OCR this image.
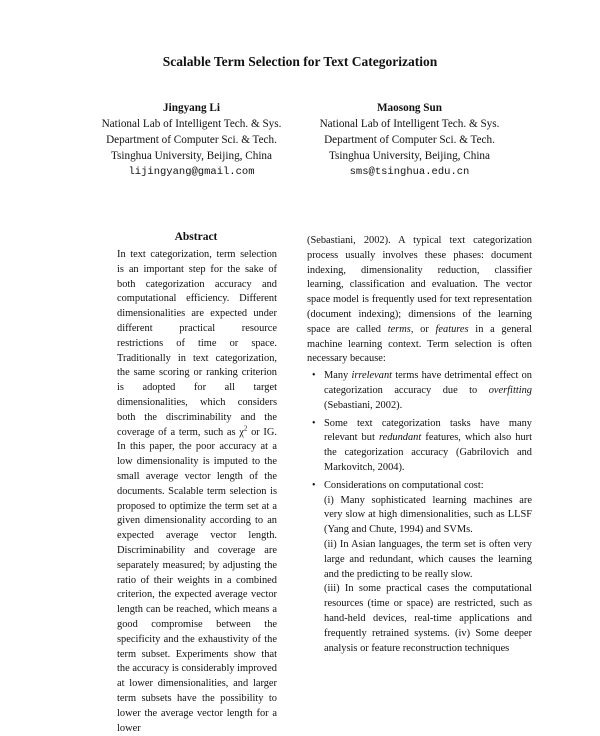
Scalable Term Selection for Text Categorization
Jingyang Li
National Lab of Intelligent Tech. & Sys.
Department of Computer Sci. & Tech.
Tsinghua University, Beijing, China
lijingyang@gmail.com
Maosong Sun
National Lab of Intelligent Tech. & Sys.
Department of Computer Sci. & Tech.
Tsinghua University, Beijing, China
sms@tsinghua.edu.cn
Abstract
In text categorization, term selection is an important step for the sake of both categorization accuracy and computational efficiency. Different dimensionalities are expected under different practical resource restrictions of time or space. Traditionally in text categorization, the same scoring or ranking criterion is adopted for all target dimensionalities, which considers both the discriminability and the coverage of a term, such as $\chi^2$ or IG. In this paper, the poor accuracy at a low dimensionality is imputed to the small average vector length of the documents. Scalable term selection is proposed to optimize the term set at a given dimensionality according to an expected average vector length. Discriminability and coverage are separately measured; by adjusting the ratio of their weights in a combined criterion, the expected average vector length can be reached, which means a good compromise between the specificity and the exhaustivity of the term subset. Experiments show that the accuracy is considerably improved at lower dimensionalities, and larger term subsets have the possibility to lower the average vector length for a lower

(Sebastiani, 2002). A typical text categorization process usually involves these phases: document indexing, dimensionality reduction, classifier learning, classification and evaluation. The vector space model is frequently used for text representation (document indexing); dimensions of the learning space are called terms, or features in a general machine learning context. Term selection is often necessary because:

• Many irrelevant terms have detrimental effect on categorization accuracy due to overfitting (Sebastiani, 2002).
• Some text categorization tasks have many relevant but redundant features, which also hurt the categorization accuracy (Gabrilovich and Markovitch, 2004).
• Considerations on computational cost:
(i) Many sophisticated learning machines are very slow at high dimensionalities, such as LLSF (Yang and Chute, 1994) and SVMs.
(ii) In Asian languages, the term set is often very large and redundant, which causes the learning and the predicting to be really slow.
(iii) In some practical cases the computational resources (time or space) are restricted, such as hand-held devices, real-time applications and frequently retrained systems. (iv) Some deeper analysis or feature reconstruction techniques
